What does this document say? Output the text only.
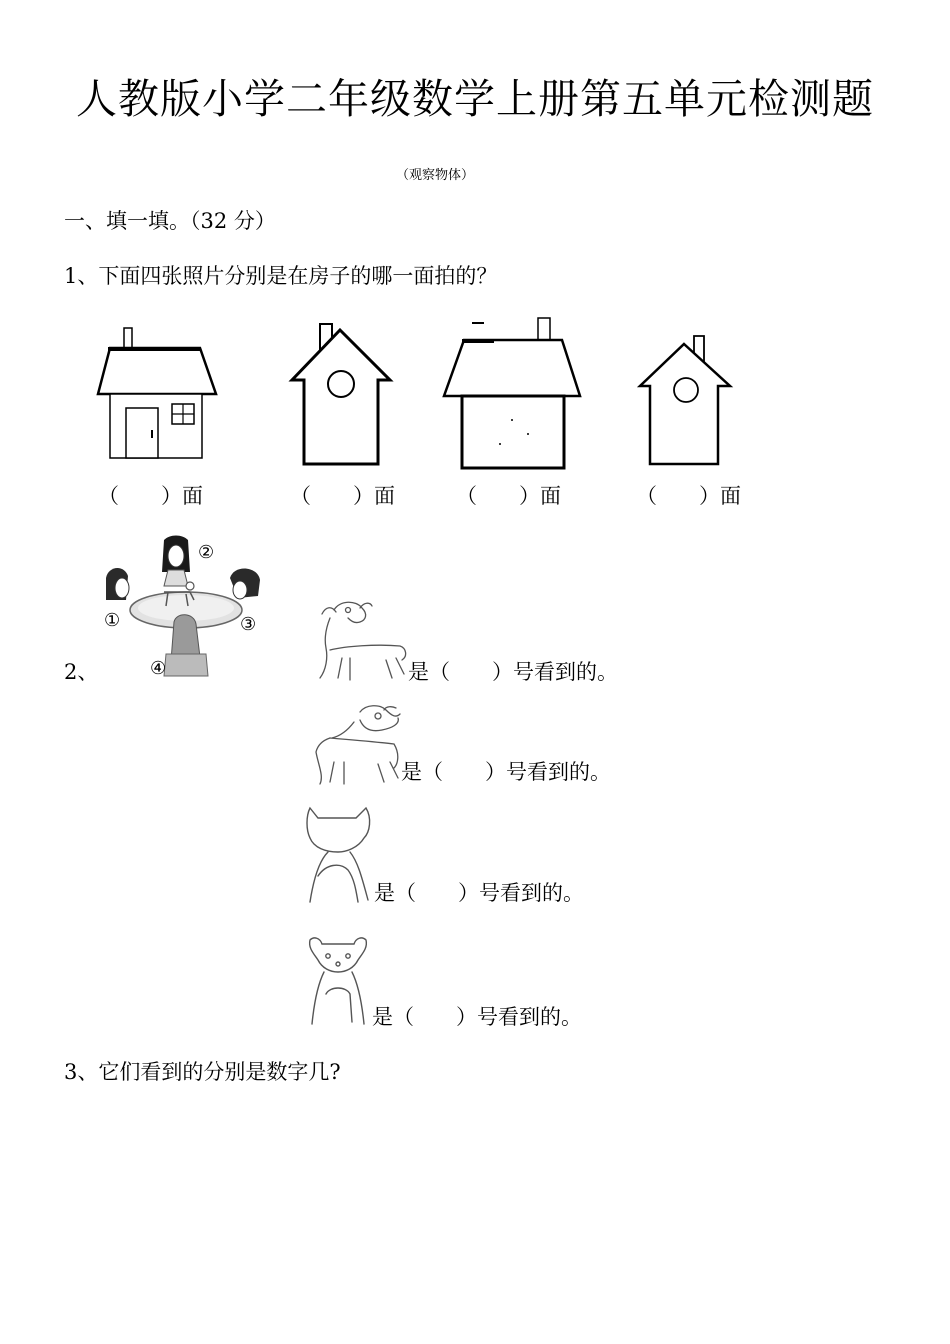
人教版小学二年级数学上册第五单元检测题
（观察物体）
一、填一填。（32 分）
1、下面四张照片分别是在房子的哪一面拍的？
（　　）面	（　　）面	（　　）面	（　　）面
2、
②
①	③
④	是（　　）号看到的。
是（　　）号看到的。
是（　　）号看到的。
是（　　）号看到的。
3、它们看到的分别是数字几?
